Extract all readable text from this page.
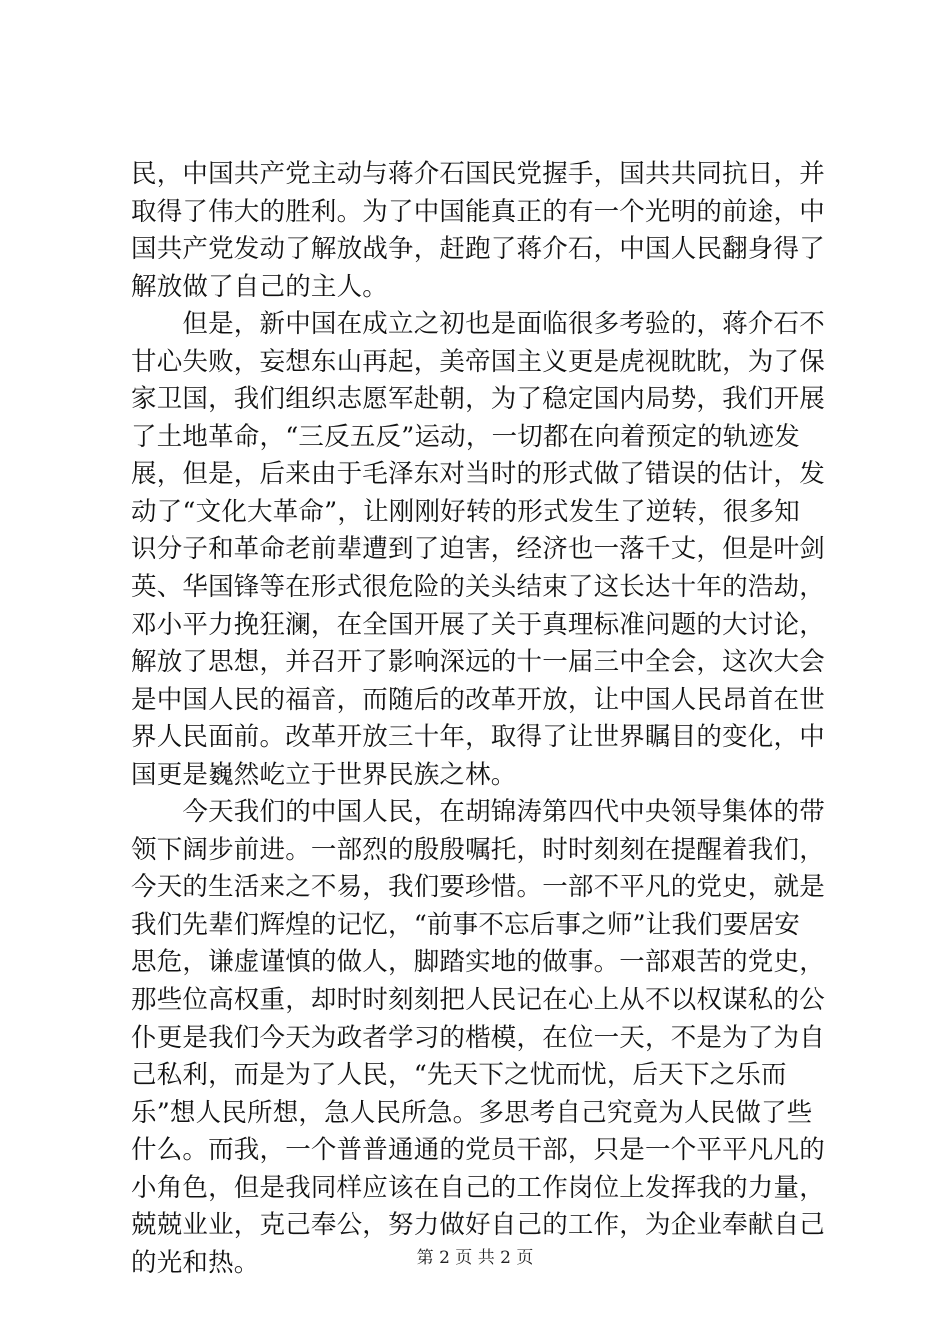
民，中国共产党主动与蒋介石国民党握手，国共共同抗日，并
取得了伟大的胜利。为了中国能真正的有一个光明的前途，中
国共产党发动了解放战争，赶跑了蒋介石，中国人民翻身得了
解放做了自己的主人。
　　但是，新中国在成立之初也是面临很多考验的，蒋介石不
甘心失败，妄想东山再起，美帝国主义更是虎视眈眈，为了保
家卫国，我们组织志愿军赴朝，为了稳定国内局势，我们开展
了土地革命，“三反五反”运动，一切都在向着预定的轨迹发
展，但是，后来由于毛泽东对当时的形式做了错误的估计，发
动了“文化大革命”，让刚刚好转的形式发生了逆转，很多知
识分子和革命老前辈遭到了迫害，经济也一落千丈，但是叶剑
英、华国锋等在形式很危险的关头结束了这长达十年的浩劫，
邓小平力挽狂澜，在全国开展了关于真理标准问题的大讨论，
解放了思想，并召开了影响深远的十一届三中全会，这次大会
是中国人民的福音，而随后的改革开放，让中国人民昂首在世
界人民面前。改革开放三十年，取得了让世界瞩目的变化，中
国更是巍然屹立于世界民族之林。
　　今天我们的中国人民，在胡锦涛第四代中央领导集体的带
领下阔步前进。一部烈的殷殷嘱托，时时刻刻在提醒着我们，
今天的生活来之不易，我们要珍惜。一部不平凡的党史，就是
我们先辈们辉煌的记忆，“前事不忘后事之师”让我们要居安
思危，谦虚谨慎的做人，脚踏实地的做事。一部艰苦的党史，
那些位高权重，却时时刻刻把人民记在心上从不以权谋私的公
仆更是我们今天为政者学习的楷模，在位一天，不是为了为自
己私利，而是为了人民，“先天下之忧而忧，后天下之乐而
乐”想人民所想，急人民所急。多思考自己究竟为人民做了些
什么。而我，一个普普通通的党员干部，只是一个平平凡凡的
小角色，但是我同样应该在自己的工作岗位上发挥我的力量，
兢兢业业，克己奉公，努力做好自己的工作，为企业奉献自己
的光和热。	第 2 页 共 2 页
